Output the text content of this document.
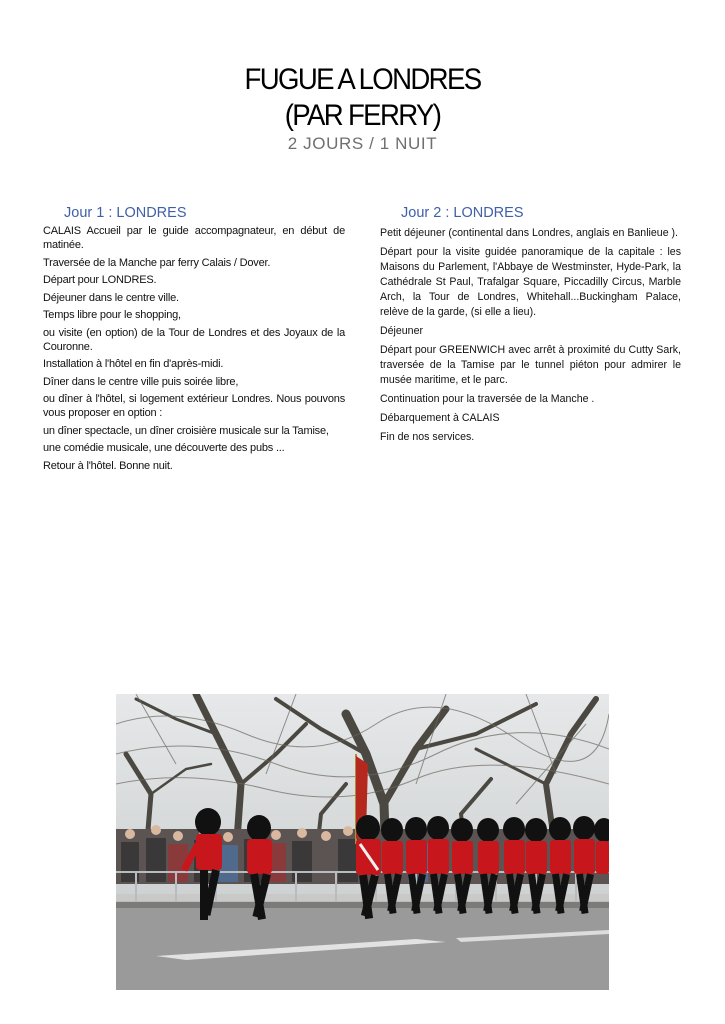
FUGUE A LONDRES
(PAR FERRY)
2 JOURS / 1 NUIT
Jour 1 : LONDRES	Jour 2 : LONDRES

CALAIS Accueil par le guide accompagnateur, en début de matinée.

Traversée de la Manche par ferry Calais / Dover.

Départ pour LONDRES.

Déjeuner dans le centre ville.

Temps libre pour le shopping,

ou visite (en option) de la Tour de Londres et des Joyaux de la Couronne.

Installation à l'hôtel en fin d'après-midi.

Dîner dans le centre ville puis soirée libre,

ou dîner à l'hôtel, si logement extérieur Londres. Nous pouvons vous proposer en option :

un dîner spectacle, un dîner croisière musicale sur la Tamise,

une comédie musicale, une découverte des pubs ...

Retour à l'hôtel. Bonne nuit.

Petit déjeuner (continental dans Londres, anglais en Banlieue ).

Départ pour la visite guidée panoramique de la capitale : les Maisons du Parlement, l'Abbaye de Westminster, Hyde-Park, la Cathédrale St Paul, Trafalgar Square, Piccadilly Circus, Marble Arch, la Tour de Londres, Whitehall...Buckingham Palace, relève de la garde, (si elle a lieu).

Déjeuner

Départ pour GREENWICH avec arrêt à proximité du Cutty Sark, traversée de la Tamise par le tunnel piéton pour admirer le musée maritime, et le parc.

Continuation pour la traversée de la Manche .

Débarquement à CALAIS

Fin de nos services.
